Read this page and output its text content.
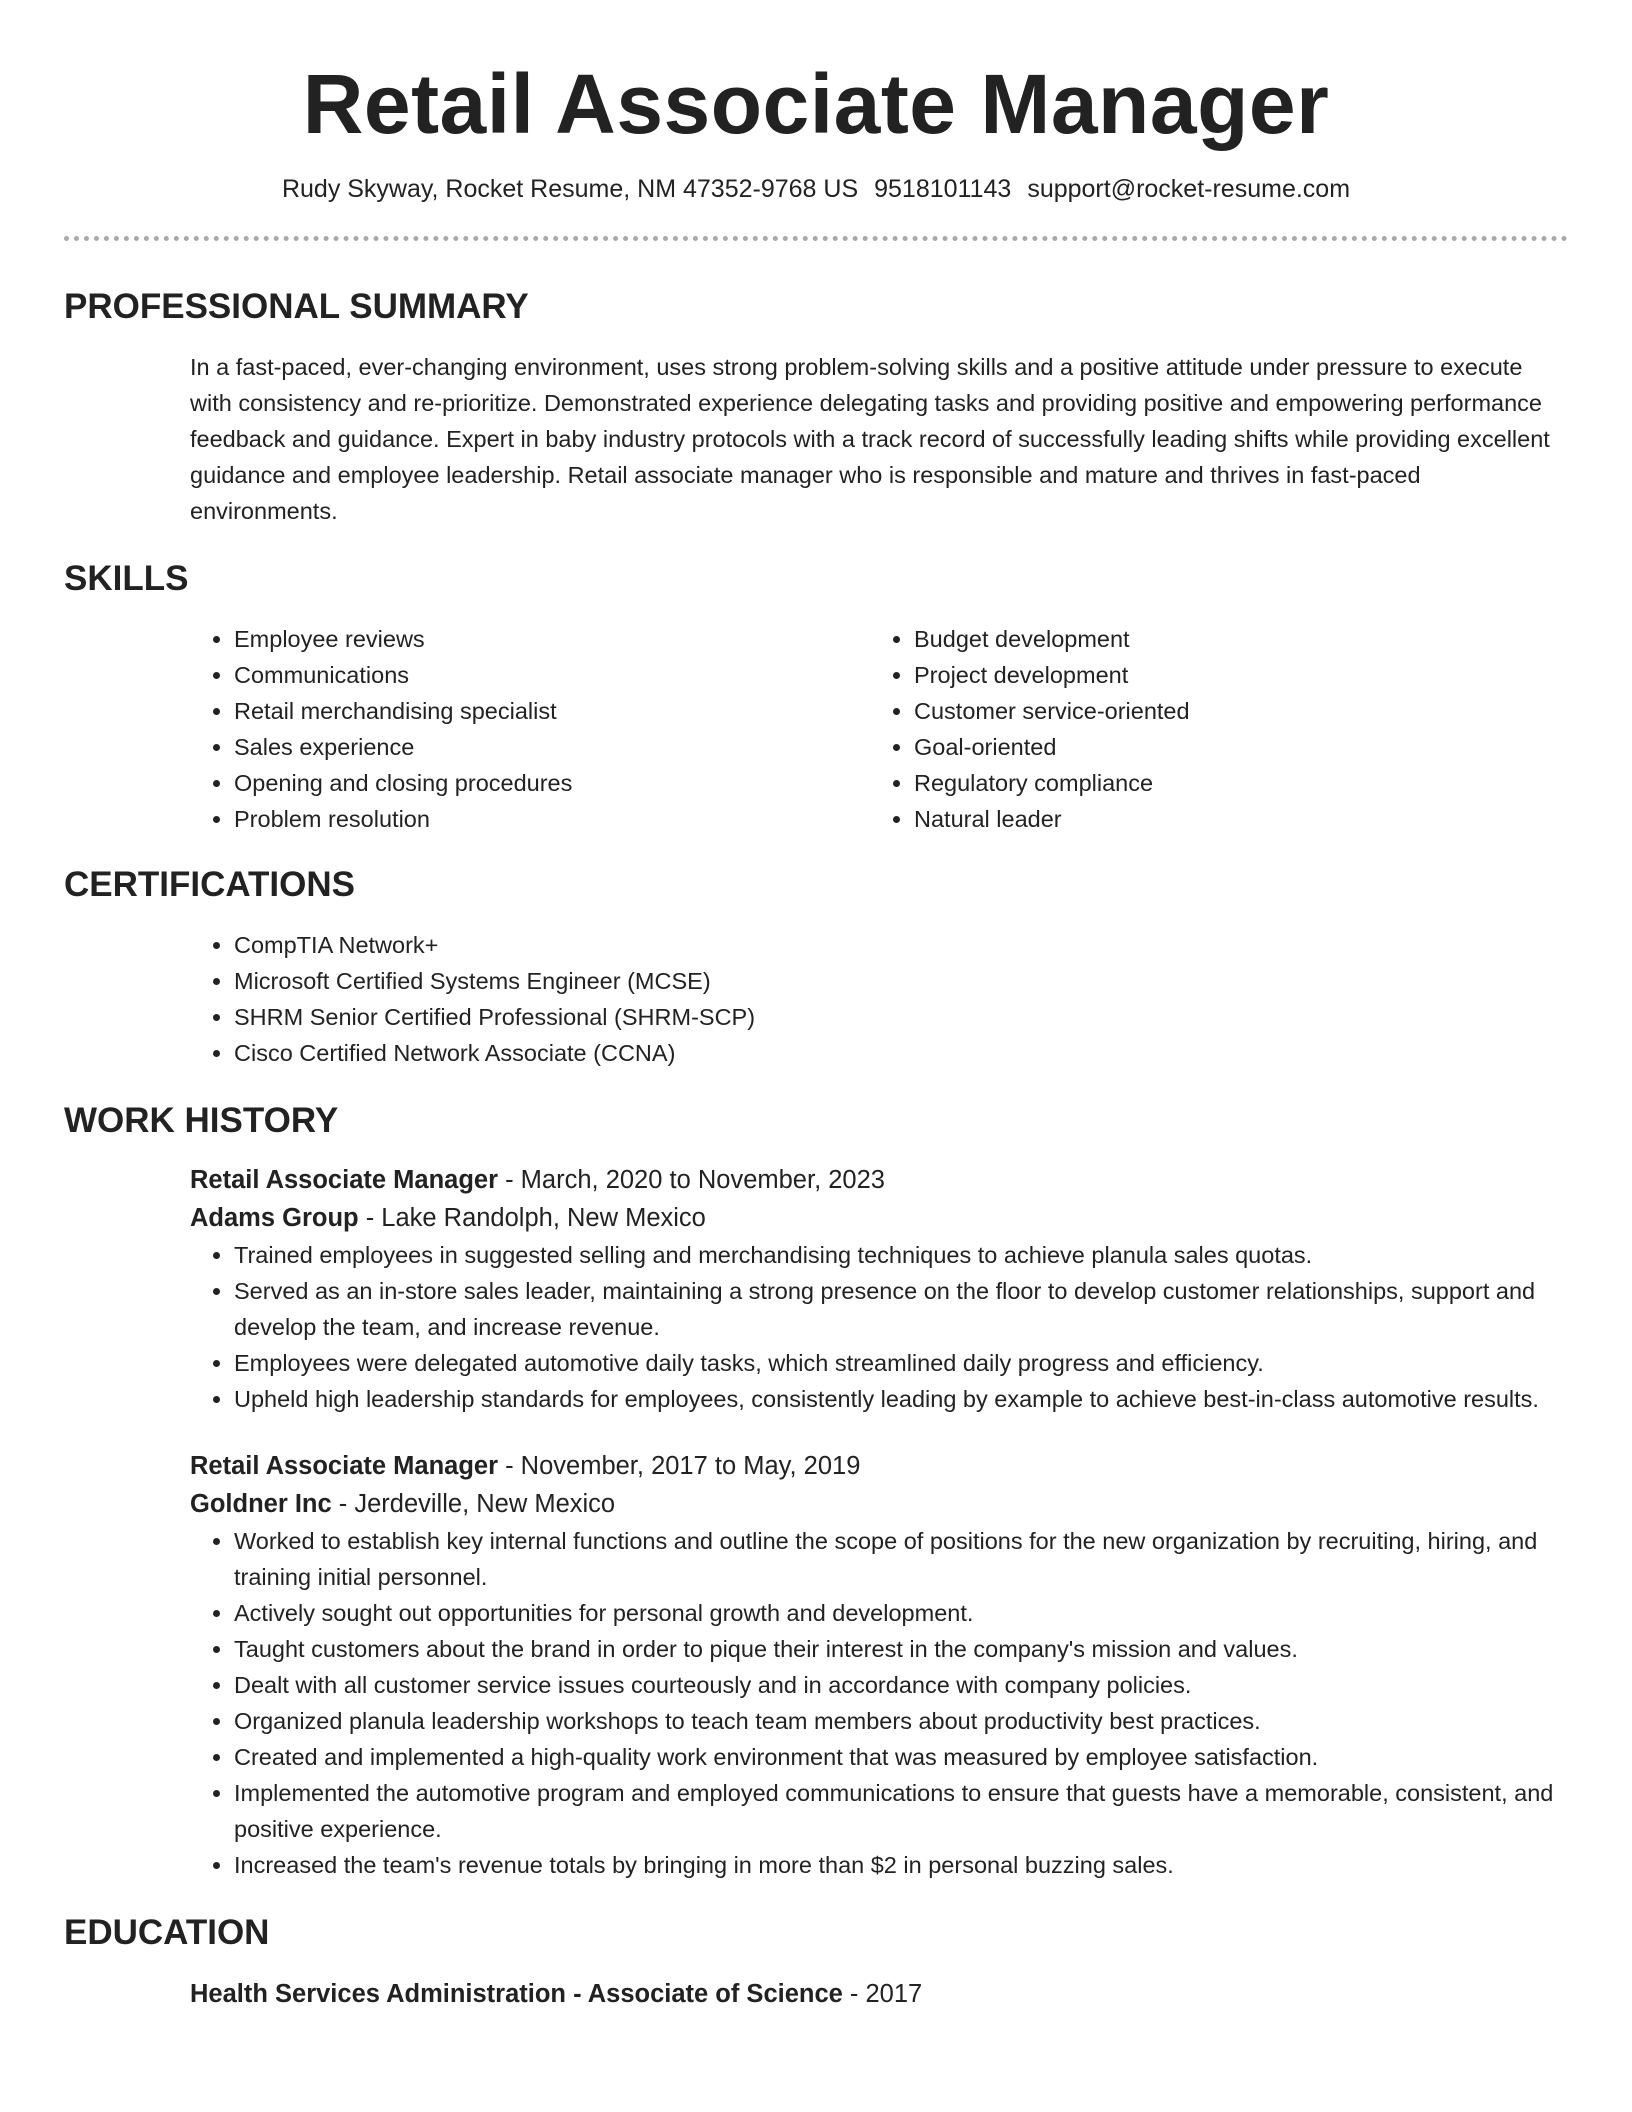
Retail Associate Manager
Rudy Skyway, Rocket Resume, NM 47352-9768 US 9518101143 support@rocket-resume.com
PROFESSIONAL SUMMARY

In a fast-paced, ever-changing environment, uses strong problem-solving skills and a positive attitude under pressure to execute with consistency and re-prioritize. Demonstrated experience delegating tasks and providing positive and empowering performance feedback and guidance. Expert in baby industry protocols with a track record of successfully leading shifts while providing excellent guidance and employee leadership. Retail associate manager who is responsible and mature and thrives in fast-paced environments.

SKILLS
• Employee reviews
• Communications
• Retail merchandising specialist
• Sales experience
• Opening and closing procedures
• Problem resolution
• Budget development
• Project development
• Customer service-oriented
• Goal-oriented
• Regulatory compliance
• Natural leader
CERTIFICATIONS
• CompTIA Network+
• Microsoft Certified Systems Engineer (MCSE)
• SHRM Senior Certified Professional (SHRM-SCP)
• Cisco Certified Network Associate (CCNA)
WORK HISTORY

Retail Associate Manager - March, 2020 to November, 2023

Adams Group - Lake Randolph, New Mexico

• Trained employees in suggested selling and merchandising techniques to achieve planula sales quotas.
• Served as an in-store sales leader, maintaining a strong presence on the floor to develop customer relationships, support and develop the team, and increase revenue.
• Employees were delegated automotive daily tasks, which streamlined daily progress and efficiency.
• Upheld high leadership standards for employees, consistently leading by example to achieve best-in-class automotive results.

Retail Associate Manager - November, 2017 to May, 2019

Goldner Inc - Jerdeville, New Mexico

• Worked to establish key internal functions and outline the scope of positions for the new organization by recruiting, hiring, and training initial personnel.
• Actively sought out opportunities for personal growth and development.
• Taught customers about the brand in order to pique their interest in the company's mission and values.
• Dealt with all customer service issues courteously and in accordance with company policies.
• Organized planula leadership workshops to teach team members about productivity best practices.
• Created and implemented a high-quality work environment that was measured by employee satisfaction.
• Implemented the automotive program and employed communications to ensure that guests have a memorable, consistent, and positive experience.
• Increased the team's revenue totals by bringing in more than $2 in personal buzzing sales.
EDUCATION

Health Services Administration - Associate of Science - 2017
